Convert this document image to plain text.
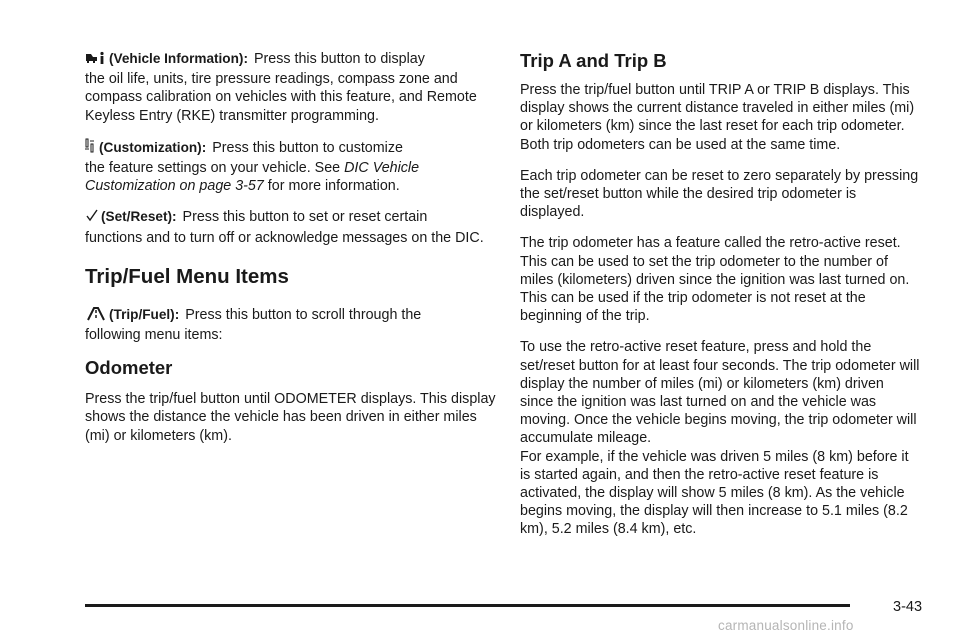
(Vehicle Information): Press this button to display

the oil life, units, tire pressure readings, compass zone and compass calibration on vehicles with this feature, and Remote Keyless Entry (RKE) transmitter programming.

(Customization): Press this button to customize

the feature settings on your vehicle. See DIC Vehicle Customization on page 3-57 for more information.

(Set/Reset): Press this button to set or reset certain

functions and to turn off or acknowledge messages on the DIC.

Trip/Fuel Menu Items

(Trip/Fuel): Press this button to scroll through the

following menu items:

Odometer

Press the trip/fuel button until ODOMETER displays. This display shows the distance the vehicle has been driven in either miles (mi) or kilometers (km).

Trip A and Trip B

Press the trip/fuel button until TRIP A or TRIP B displays. This display shows the current distance traveled in either miles (mi) or kilometers (km) since the last reset for each trip odometer. Both trip odometers can be used at the same time.

Each trip odometer can be reset to zero separately by pressing the set/reset button while the desired trip odometer is displayed.

The trip odometer has a feature called the retro-active reset. This can be used to set the trip odometer to the number of miles (kilometers) driven since the ignition was last turned on. This can be used if the trip odometer is not reset at the beginning of the trip.

To use the retro-active reset feature, press and hold the set/reset button for at least four seconds. The trip odometer will display the number of miles (mi) or kilometers (km) driven since the ignition was last turned on and the vehicle was moving. Once the vehicle begins moving, the trip odometer will accumulate mileage.

For example, if the vehicle was driven 5 miles (8 km) before it is started again, and then the retro-active reset feature is activated, the display will show 5 miles (8 km). As the vehicle begins moving, the display will then increase to 5.1 miles (8.2 km), 5.2 miles (8.4 km), etc.

3-43
carmanualsonline.info
